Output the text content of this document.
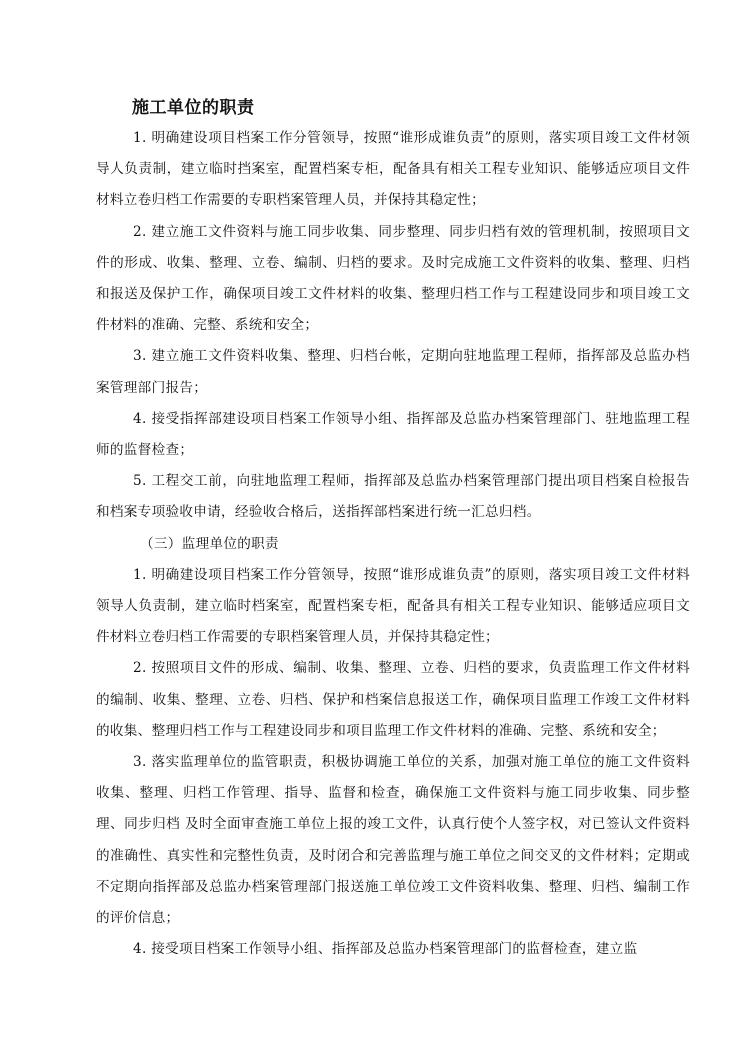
施工单位的职责

1. 明确建设项目档案工作分管领导，按照“谁形成谁负责”的原则，落实项目竣工文件材领导人负责制，建立临时挡案室，配置档案专柜，配备具有相关工程专业知识、能够适应项目文件材料立卷归档工作需要的专职档案管理人员，并保持其稳定性；

2. 建立施工文件资料与施工同步收集、同步整理、同步归档有效的管理机制，按照项目文件的形成、收集、整理、立卷、编制、归档的要求。及时完成施工文件资料的收集、整理、归档和报送及保护工作，确保项目竣工文件材料的收集、整理归档工作与工程建设同步和项目竣工文件材料的准确、完整、系统和安全；

3. 建立施工文件资料收集、整理、归档台帐，定期向驻地监理工程师，指挥部及总监办档案管理部门报告；

4. 接受指挥部建设项目档案工作领导小组、指挥部及总监办档案管理部门、驻地监理工程师的监督检查；

5. 工程交工前，向驻地监理工程师，指挥部及总监办档案管理部门提出项目档案自检报告和档案专项验收申请，经验收合格后，送指挥部档案进行统一汇总归档。

（三）监理单位的职责

1. 明确建设项目档案工作分管领导，按照“谁形成谁负责”的原则，落实项目竣工文件材料领导人负责制，建立临时档案室，配置档案专柜，配备具有相关工程专业知识、能够适应项目文件材料立卷归档工作需要的专职档案管理人员，并保持其稳定性；

2. 按照项目文件的形成、编制、收集、整理、立卷、归档的要求，负责监理工作文件材料的编制、收集、整理、立卷、归档、保护和档案信息报送工作，确保项目监理工作竣工文件材料的收集、整理归档工作与工程建设同步和项目监理工作文件材料的准确、完整、系统和安全；

3. 落实监理单位的监管职责，积极协调施工单位的关系，加强对施工单位的施工文件资料收集、整理、归档工作管理、指导、监督和检查，确保施工文件资料与施工同步收集、同步整理、同步归档 及时全面审查施工单位上报的竣工文件，认真行使个人签字权，对已签认文件资料的准确性、真实性和完整性负责，及时闭合和完善监理与施工单位之间交叉的文件材料；定期或不定期向指挥部及总监办档案管理部门报送施工单位竣工文件资料收集、整理、归档、编制工作的评价信息；

4. 接受项目档案工作领导小组、指挥部及总监办档案管理部门的监督检查，建立监
